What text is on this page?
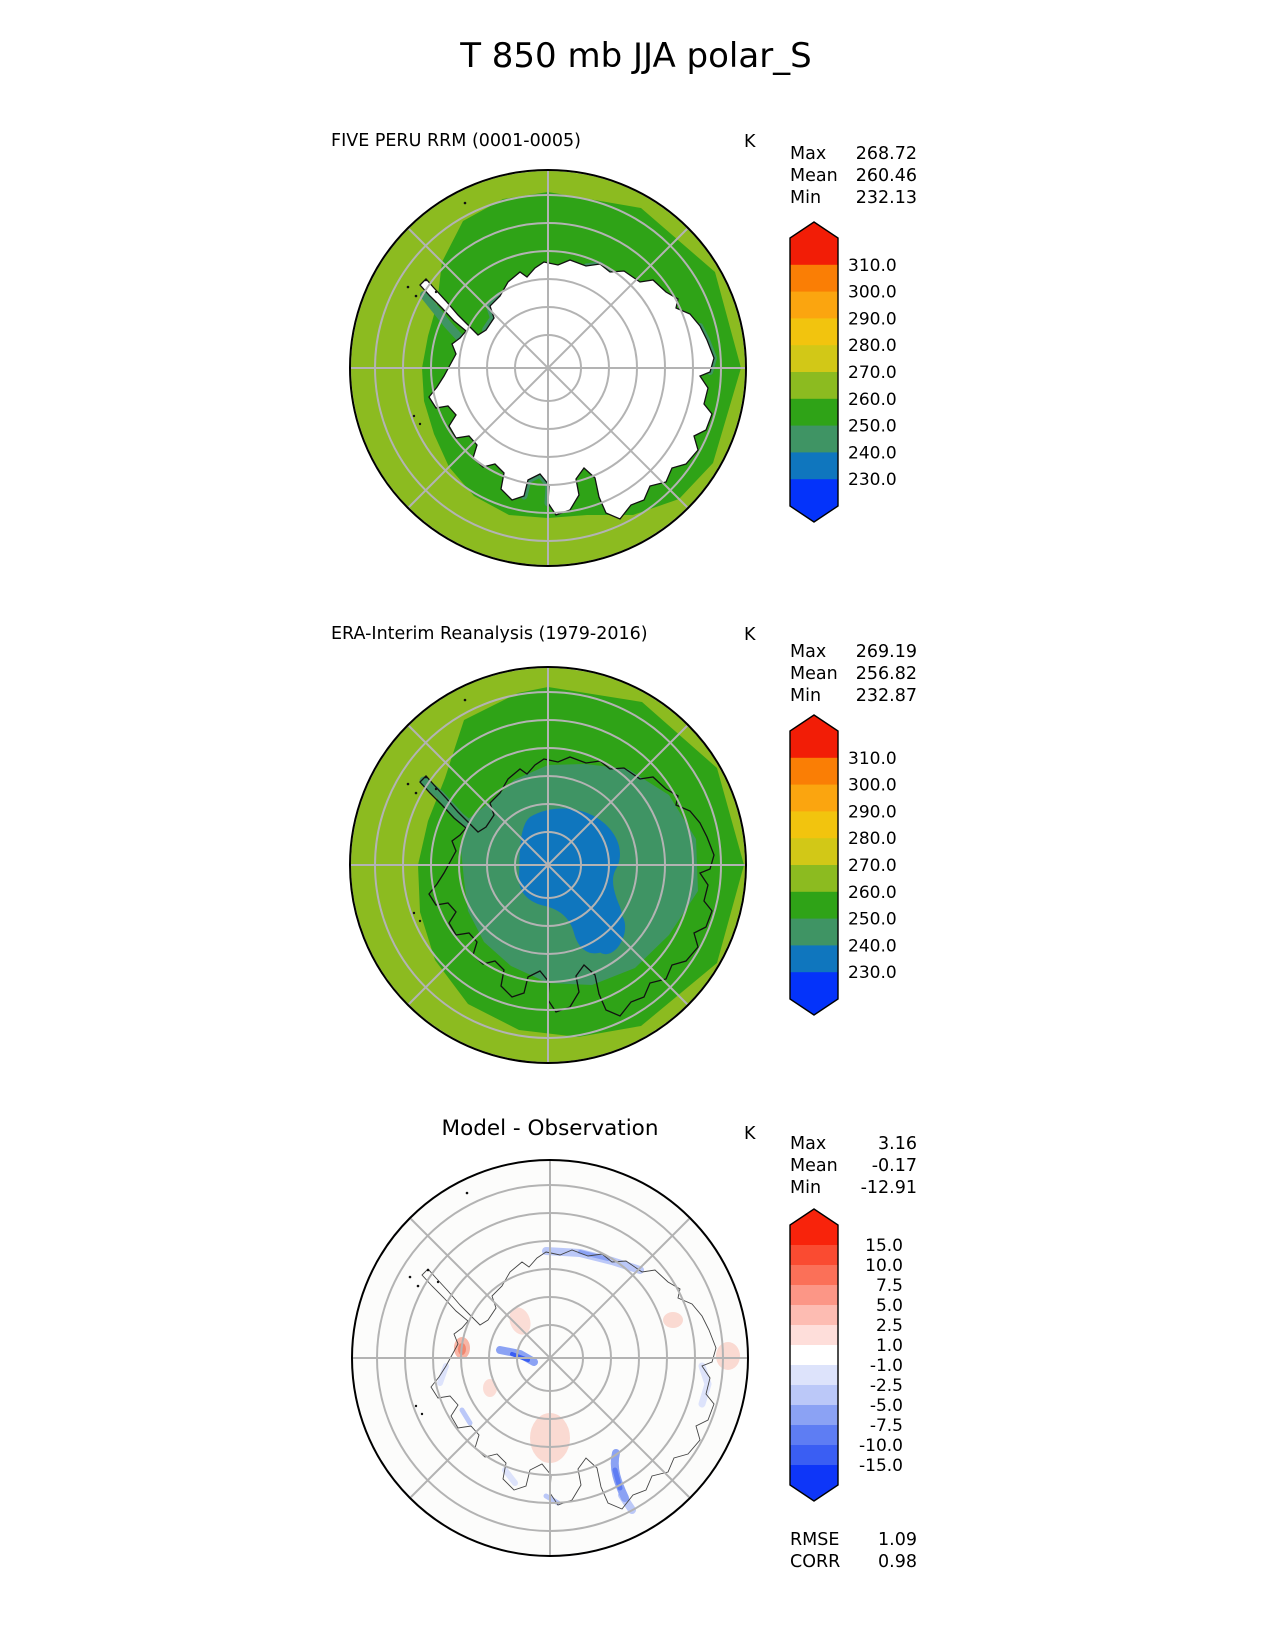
T 850 mb JJA polar_S
FIVE PERU RRM (0001-0005)	K
Max 268.72
Mean 260.46
Min 232.13
310.0
300.0
290.0
280.0
270.0
260.0
250.0
240.0
230.0
ERA-Interim Reanalysis (1979-2016)	K
Max 269.19
Mean 256.82
Min 232.87
310.0
300.0
290.0
280.0
270.0
260.0
250.0
240.0
230.0
Model - Observation	K Max	3.16
Mean -0.17
Min -12.91
15.0
10.0
7.5
5.0
2.5
1.0
-1.0
-2.5
-5.0
-7.5
-10.0
-15.0
RMSE 1.09
CORR 0.98
